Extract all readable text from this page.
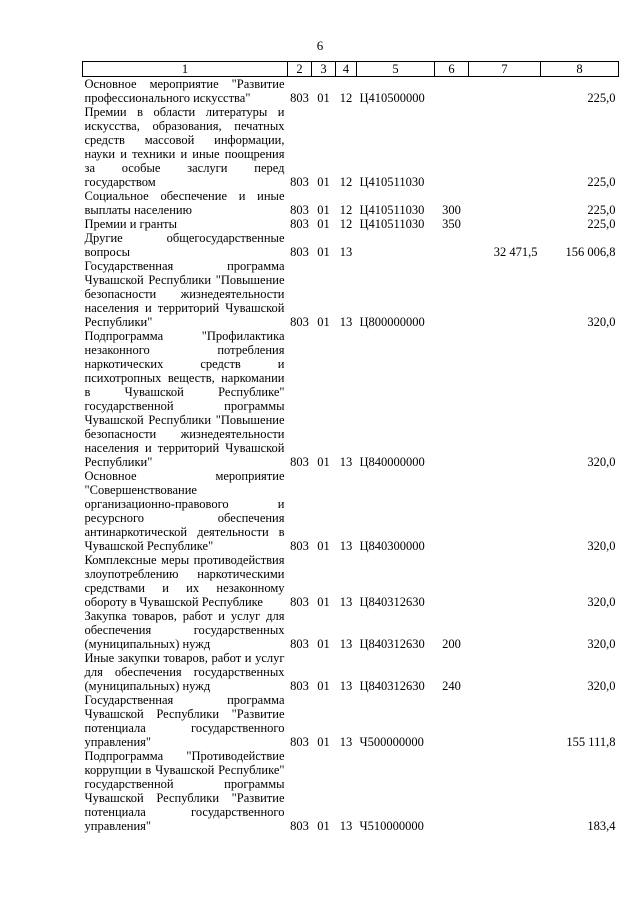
6
1	2	3	4	5	6	7	8
Основное мероприятие "Развитие профессионального искусства"	803	01	12	Ц410500000			225,0
Премии в области литературы и искусства, образования, печатных средств массовой информации, науки и техники и иные поощрения за особые заслуги перед государством	803	01	12	Ц410511030			225,0
Социальное обеспечение и иные выплаты населению	803	01	12	Ц410511030	300		225,0
Премии и гранты	803	01	12	Ц410511030	350		225,0
Другие общегосударственные вопросы	803	01	13			32 471,5	156 006,8
Государственная программа Чувашской Республики "Повышение безопасности жизнедеятельности населения и территорий Чувашской Республики"	803	01	13	Ц800000000			320,0
Подпрограмма "Профилактика незаконного потребления наркотических средств и психотропных веществ, наркомании в Чувашской Республике" государственной программы Чувашской Республики "Повышение безопасности жизнедеятельности населения и территорий Чувашской Республики"	803	01	13	Ц840000000			320,0
Основное мероприятие "Совершенствование организационно-правового и ресурсного обеспечения антинаркотической деятельности в Чувашской Республике"	803	01	13	Ц840300000			320,0
Комплексные меры противодействия злоупотреблению наркотическими средствами и их незаконному обороту в Чувашской Республике	803	01	13	Ц840312630			320,0
Закупка товаров, работ и услуг для обеспечения государственных (муниципальных) нужд	803	01	13	Ц840312630	200		320,0
Иные закупки товаров, работ и услуг для обеспечения государственных (муниципальных) нужд	803	01	13	Ц840312630	240		320,0
Государственная программа Чувашской Республики "Развитие потенциала государственного управления"	803	01	13	Ч500000000			155 111,8
Подпрограмма "Противодействие коррупции в Чувашской Республике" государственной программы Чувашской Республики "Развитие потенциала государственного управления"	803	01	13	Ч510000000			183,4
